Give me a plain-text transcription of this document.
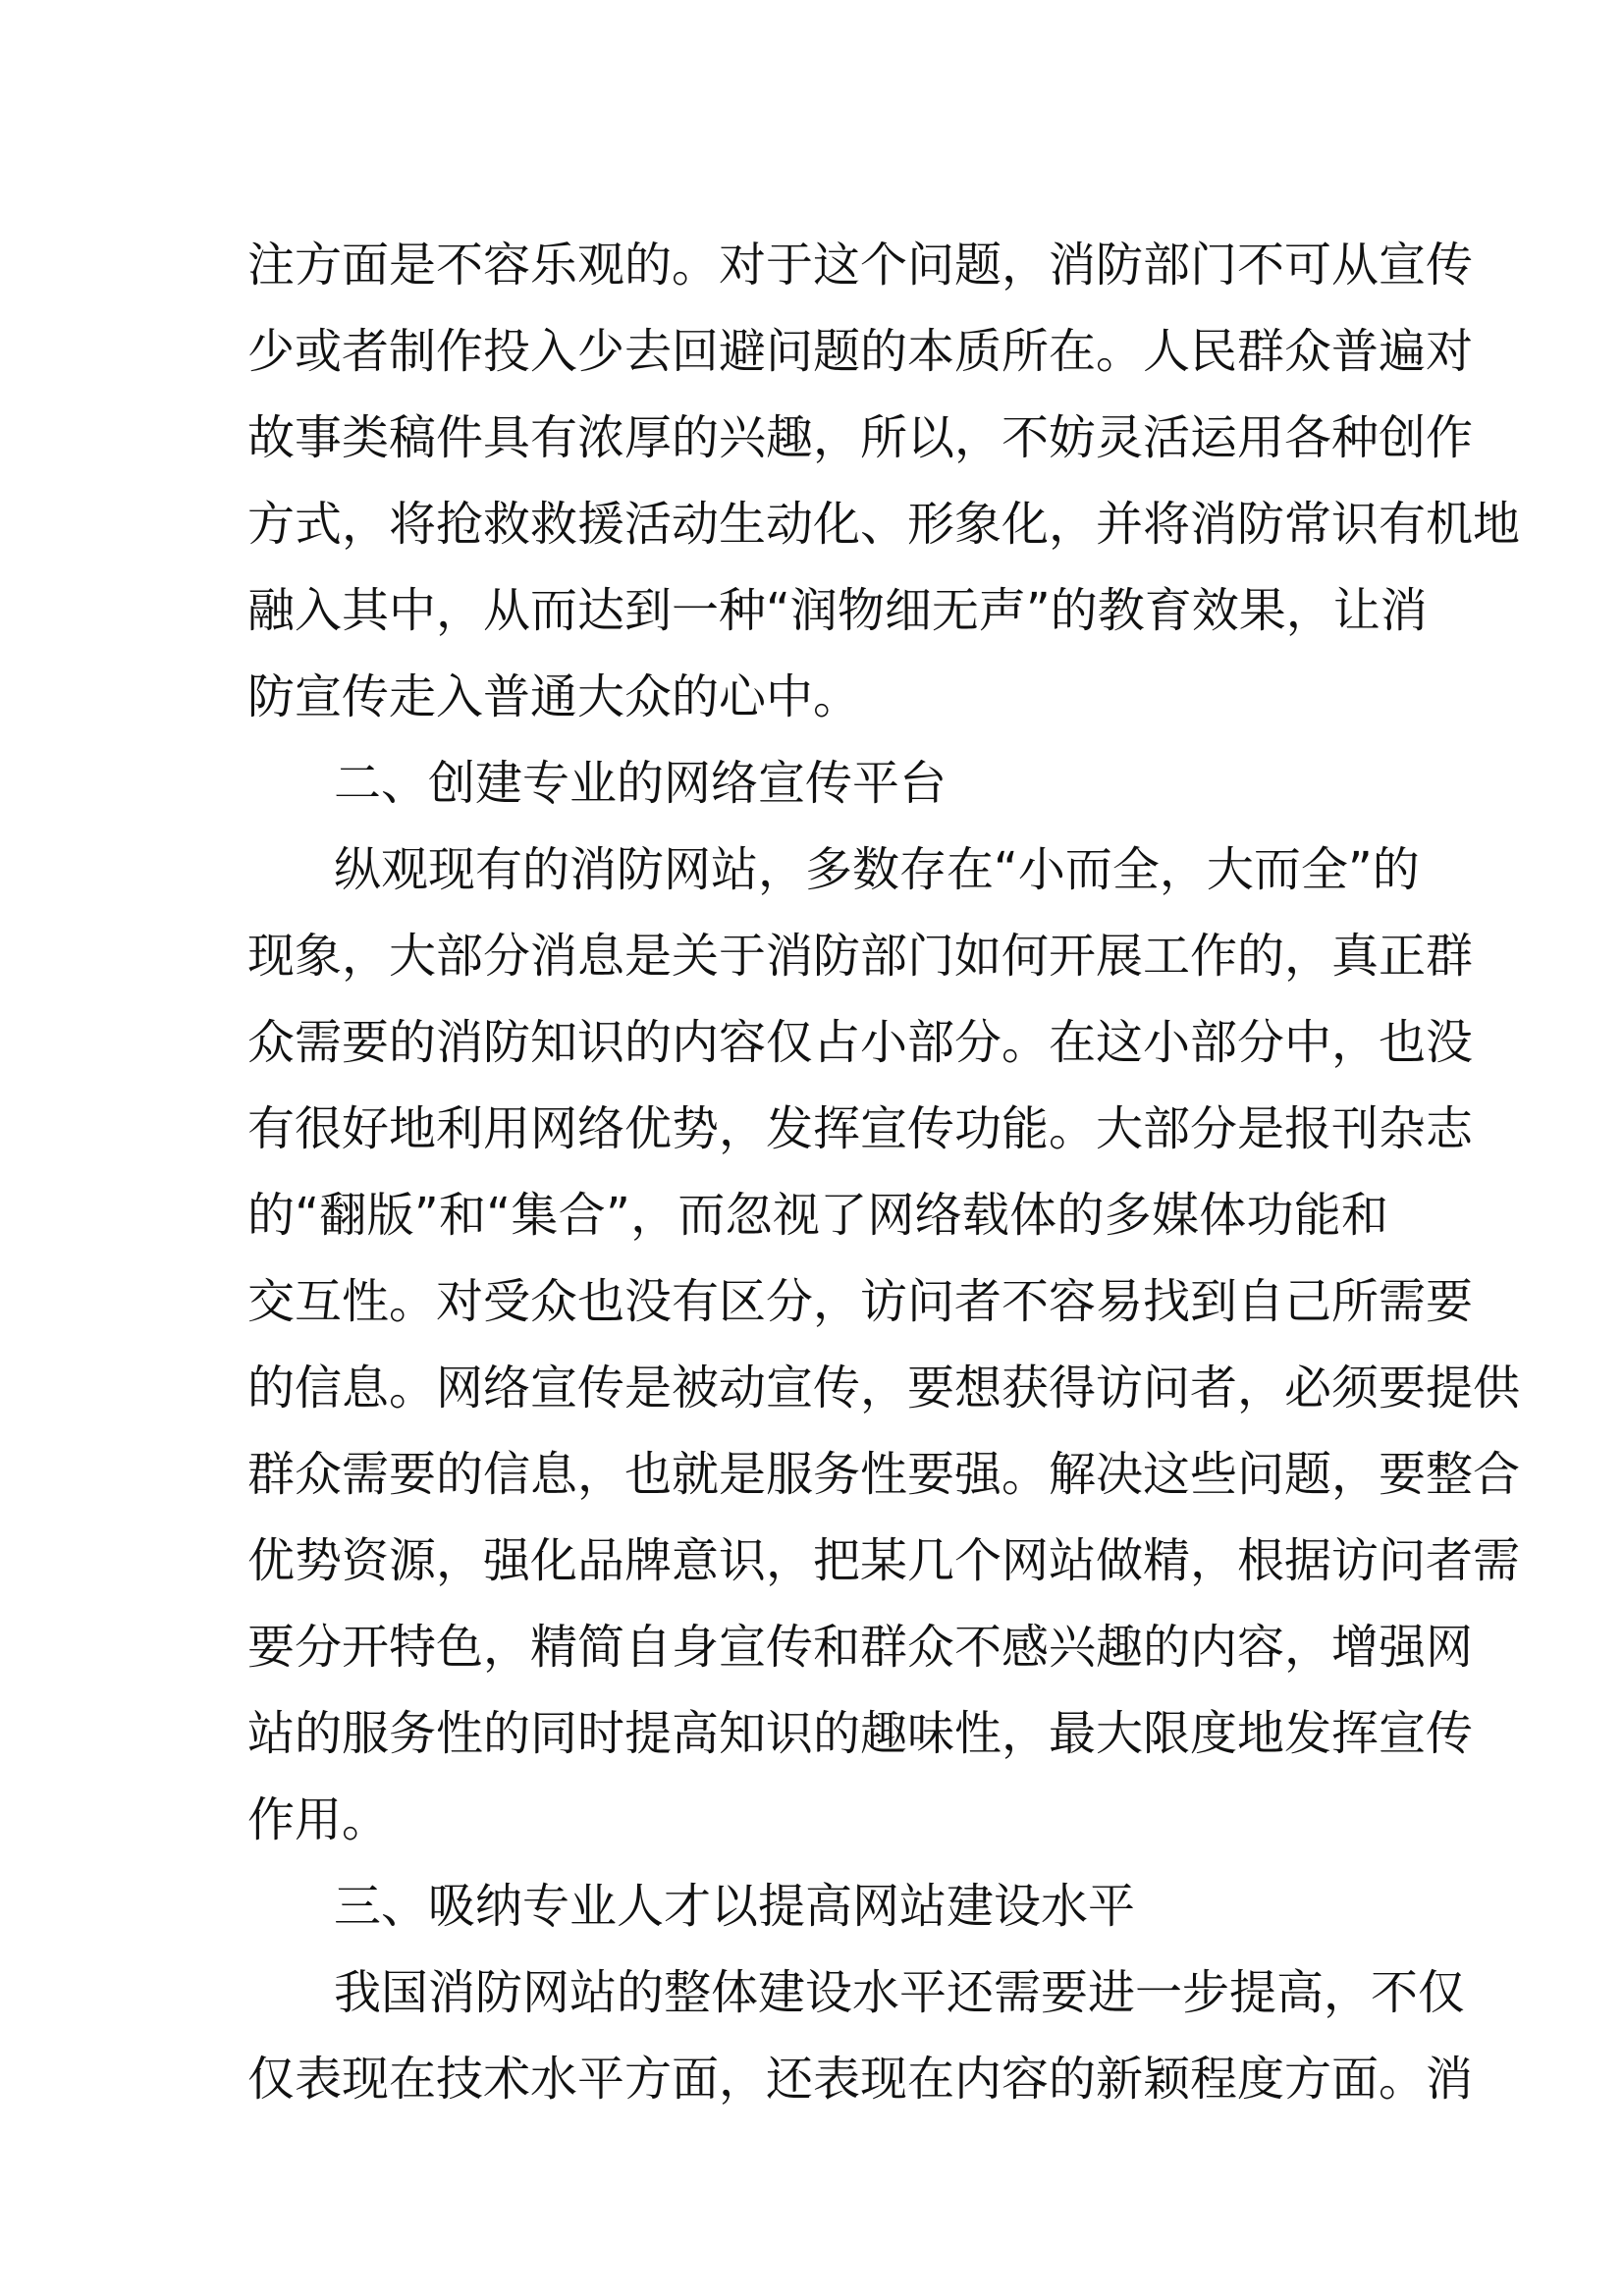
注方面是不容乐观的。对于这个问题，消防部门不可从宣传
少或者制作投入少去回避问题的本质所在。人民群众普遍对
故事类稿件具有浓厚的兴趣，所以，不妨灵活运用各种创作
方式，将抢救救援活动生动化、形象化，并将消防常识有机地
融入其中，从而达到一种“润物细无声”的教育效果，让消
防宣传走入普通大众的心中。
二、创建专业的网络宣传平台
纵观现有的消防网站，多数存在“小而全，大而全”的
现象，大部分消息是关于消防部门如何开展工作的，真正群
众需要的消防知识的内容仅占小部分。在这小部分中，也没
有很好地利用网络优势，发挥宣传功能。大部分是报刊杂志
的“翻版”和“集合”，而忽视了网络载体的多媒体功能和
交互性。对受众也没有区分，访问者不容易找到自己所需要
的信息。网络宣传是被动宣传，要想获得访问者，必须要提供
群众需要的信息，也就是服务性要强。解决这些问题，要整合
优势资源，强化品牌意识，把某几个网站做精，根据访问者需
要分开特色，精简自身宣传和群众不感兴趣的内容，增强网
站的服务性的同时提高知识的趣味性，最大限度地发挥宣传
作用。
三、吸纳专业人才以提高网站建设水平
我国消防网站的整体建设水平还需要进一步提高，不仅
仅表现在技术水平方面，还表现在内容的新颖程度方面。消
